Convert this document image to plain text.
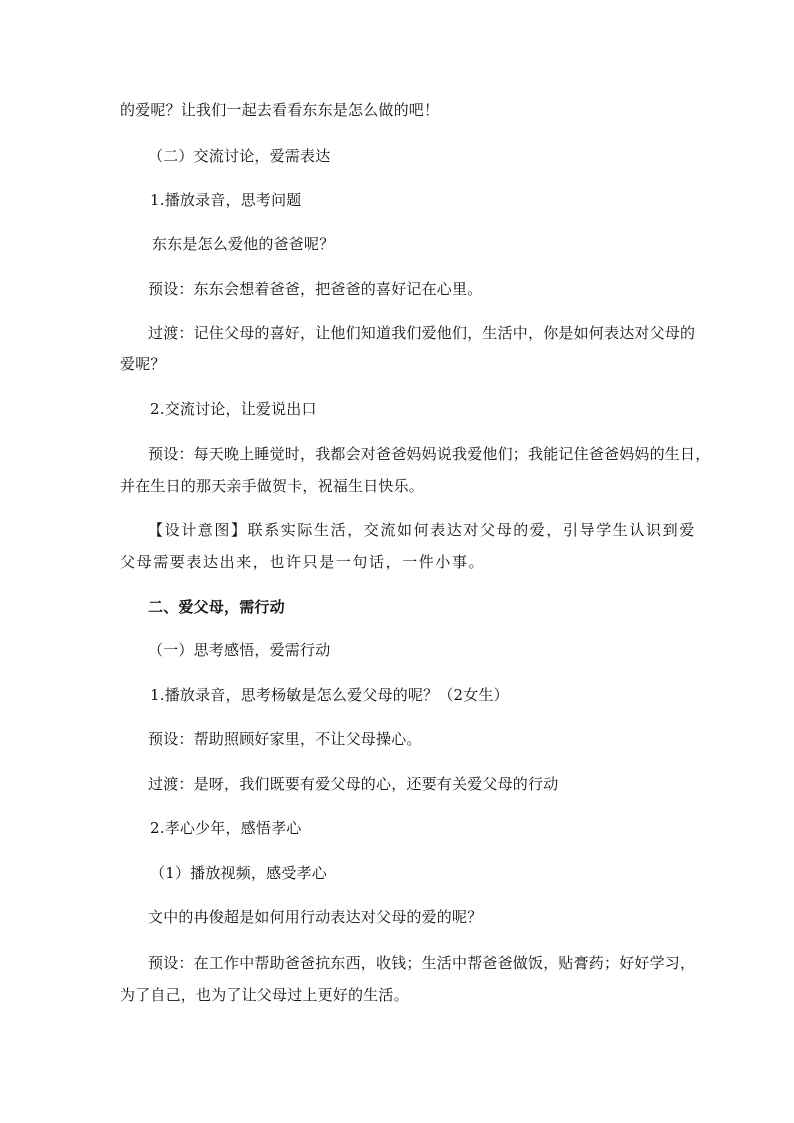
的爱呢？让我们一起去看看东东是怎么做的吧！
（二）交流讨论，爱需表达
1.播放录音，思考问题
东东是怎么爱他的爸爸呢？
预设：东东会想着爸爸，把爸爸的喜好记在心里。
过渡：记住父母的喜好，让他们知道我们爱他们，生活中，你是如何表达对父母的
爱呢？
2.交流讨论，让爱说出口
预设：每天晚上睡觉时，我都会对爸爸妈妈说我爱他们；我能记住爸爸妈妈的生日，
并在生日的那天亲手做贺卡，祝福生日快乐。
【设计意图】联系实际生活，交流如何表达对父母的爱，引导学生认识到爱
父母需要表达出来，也许只是一句话，一件小事。
二、爱父母，需行动
（一）思考感悟，爱需行动
1.播放录音，思考杨敏是怎么爱父母的呢？（2女生）
预设：帮助照顾好家里，不让父母操心。
过渡：是呀，我们既要有爱父母的心，还要有关爱父母的行动
2.孝心少年，感悟孝心
（1）播放视频，感受孝心
文中的冉俊超是如何用行动表达对父母的爱的呢？
预设：在工作中帮助爸爸抗东西，收钱；生活中帮爸爸做饭，贴膏药；好好学习，
为了自己，也为了让父母过上更好的生活。
